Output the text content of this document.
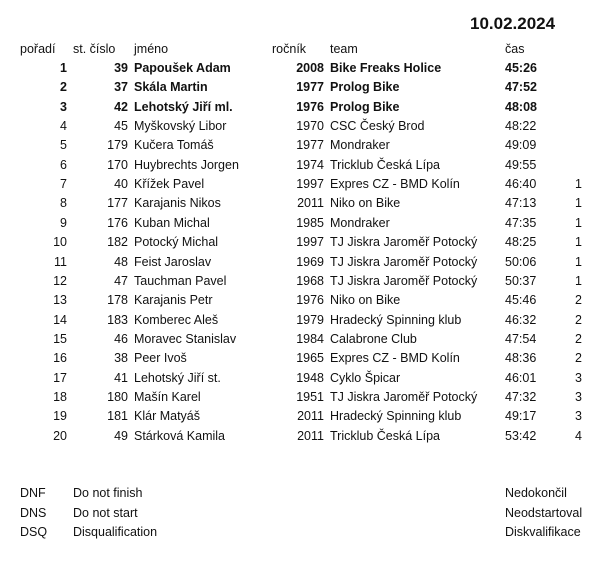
10.02.2024
pořadí st. číslo jméno	ročník team	čas
1	39 Papoušek Adam	2008 Bike Freaks Holice	45:26
2	37 Skála Martin	1977 Prolog Bike	47:52
3	42 Lehotský Jiří ml.	1976 Prolog Bike	48:08
4	45 Myškovský Libor	1970 CSC Český Brod	48:22
5	179 Kučera Tomáš	1977 Mondraker	49:09
6	170 Huybrechts Jorgen	1974 Tricklub Česká Lípa	49:55
7	40 Křížek Pavel	1997 Expres CZ - BMD Kolín	46:40	1
8	177 Karajanis Nikos	2011 Niko on Bike	47:13	1
9	176 Kuban Michal	1985 Mondraker	47:35	1
10	182 Potocký Michal	1997 TJ Jiskra Jaroměř Potocký 48:25	1
11	48 Feist Jaroslav	1969 TJ Jiskra Jaroměř Potocký 50:06	1
12	47 Tauchman Pavel	1968 TJ Jiskra Jaroměř Potocký 50:37	1
13	178 Karajanis Petr	1976 Niko on Bike	45:46	2
14	183 Komberec Aleš	1979 Hradecký Spinning klub	46:32	2
15	46 Moravec Stanislav	1984 Calabrone Club	47:54	2
16	38 Peer Ivoš	1965 Expres CZ - BMD Kolín	48:36	2
17	41 Lehotský Jiří st.	1948 Cyklo Špicar	46:01	3
18	180 Mašín Karel	1951 TJ Jiskra Jaroměř Potocký 47:32	3
19	181 Klár Matyáš	2011 Hradecký Spinning klub	49:17	3
20	49 Stárková Kamila	2011 Tricklub Česká Lípa	53:42	4
DNF Do not finish	Nedokončil
DNS Do not start	Neodstartoval
DSQ Disqualification	Diskvalifikace
